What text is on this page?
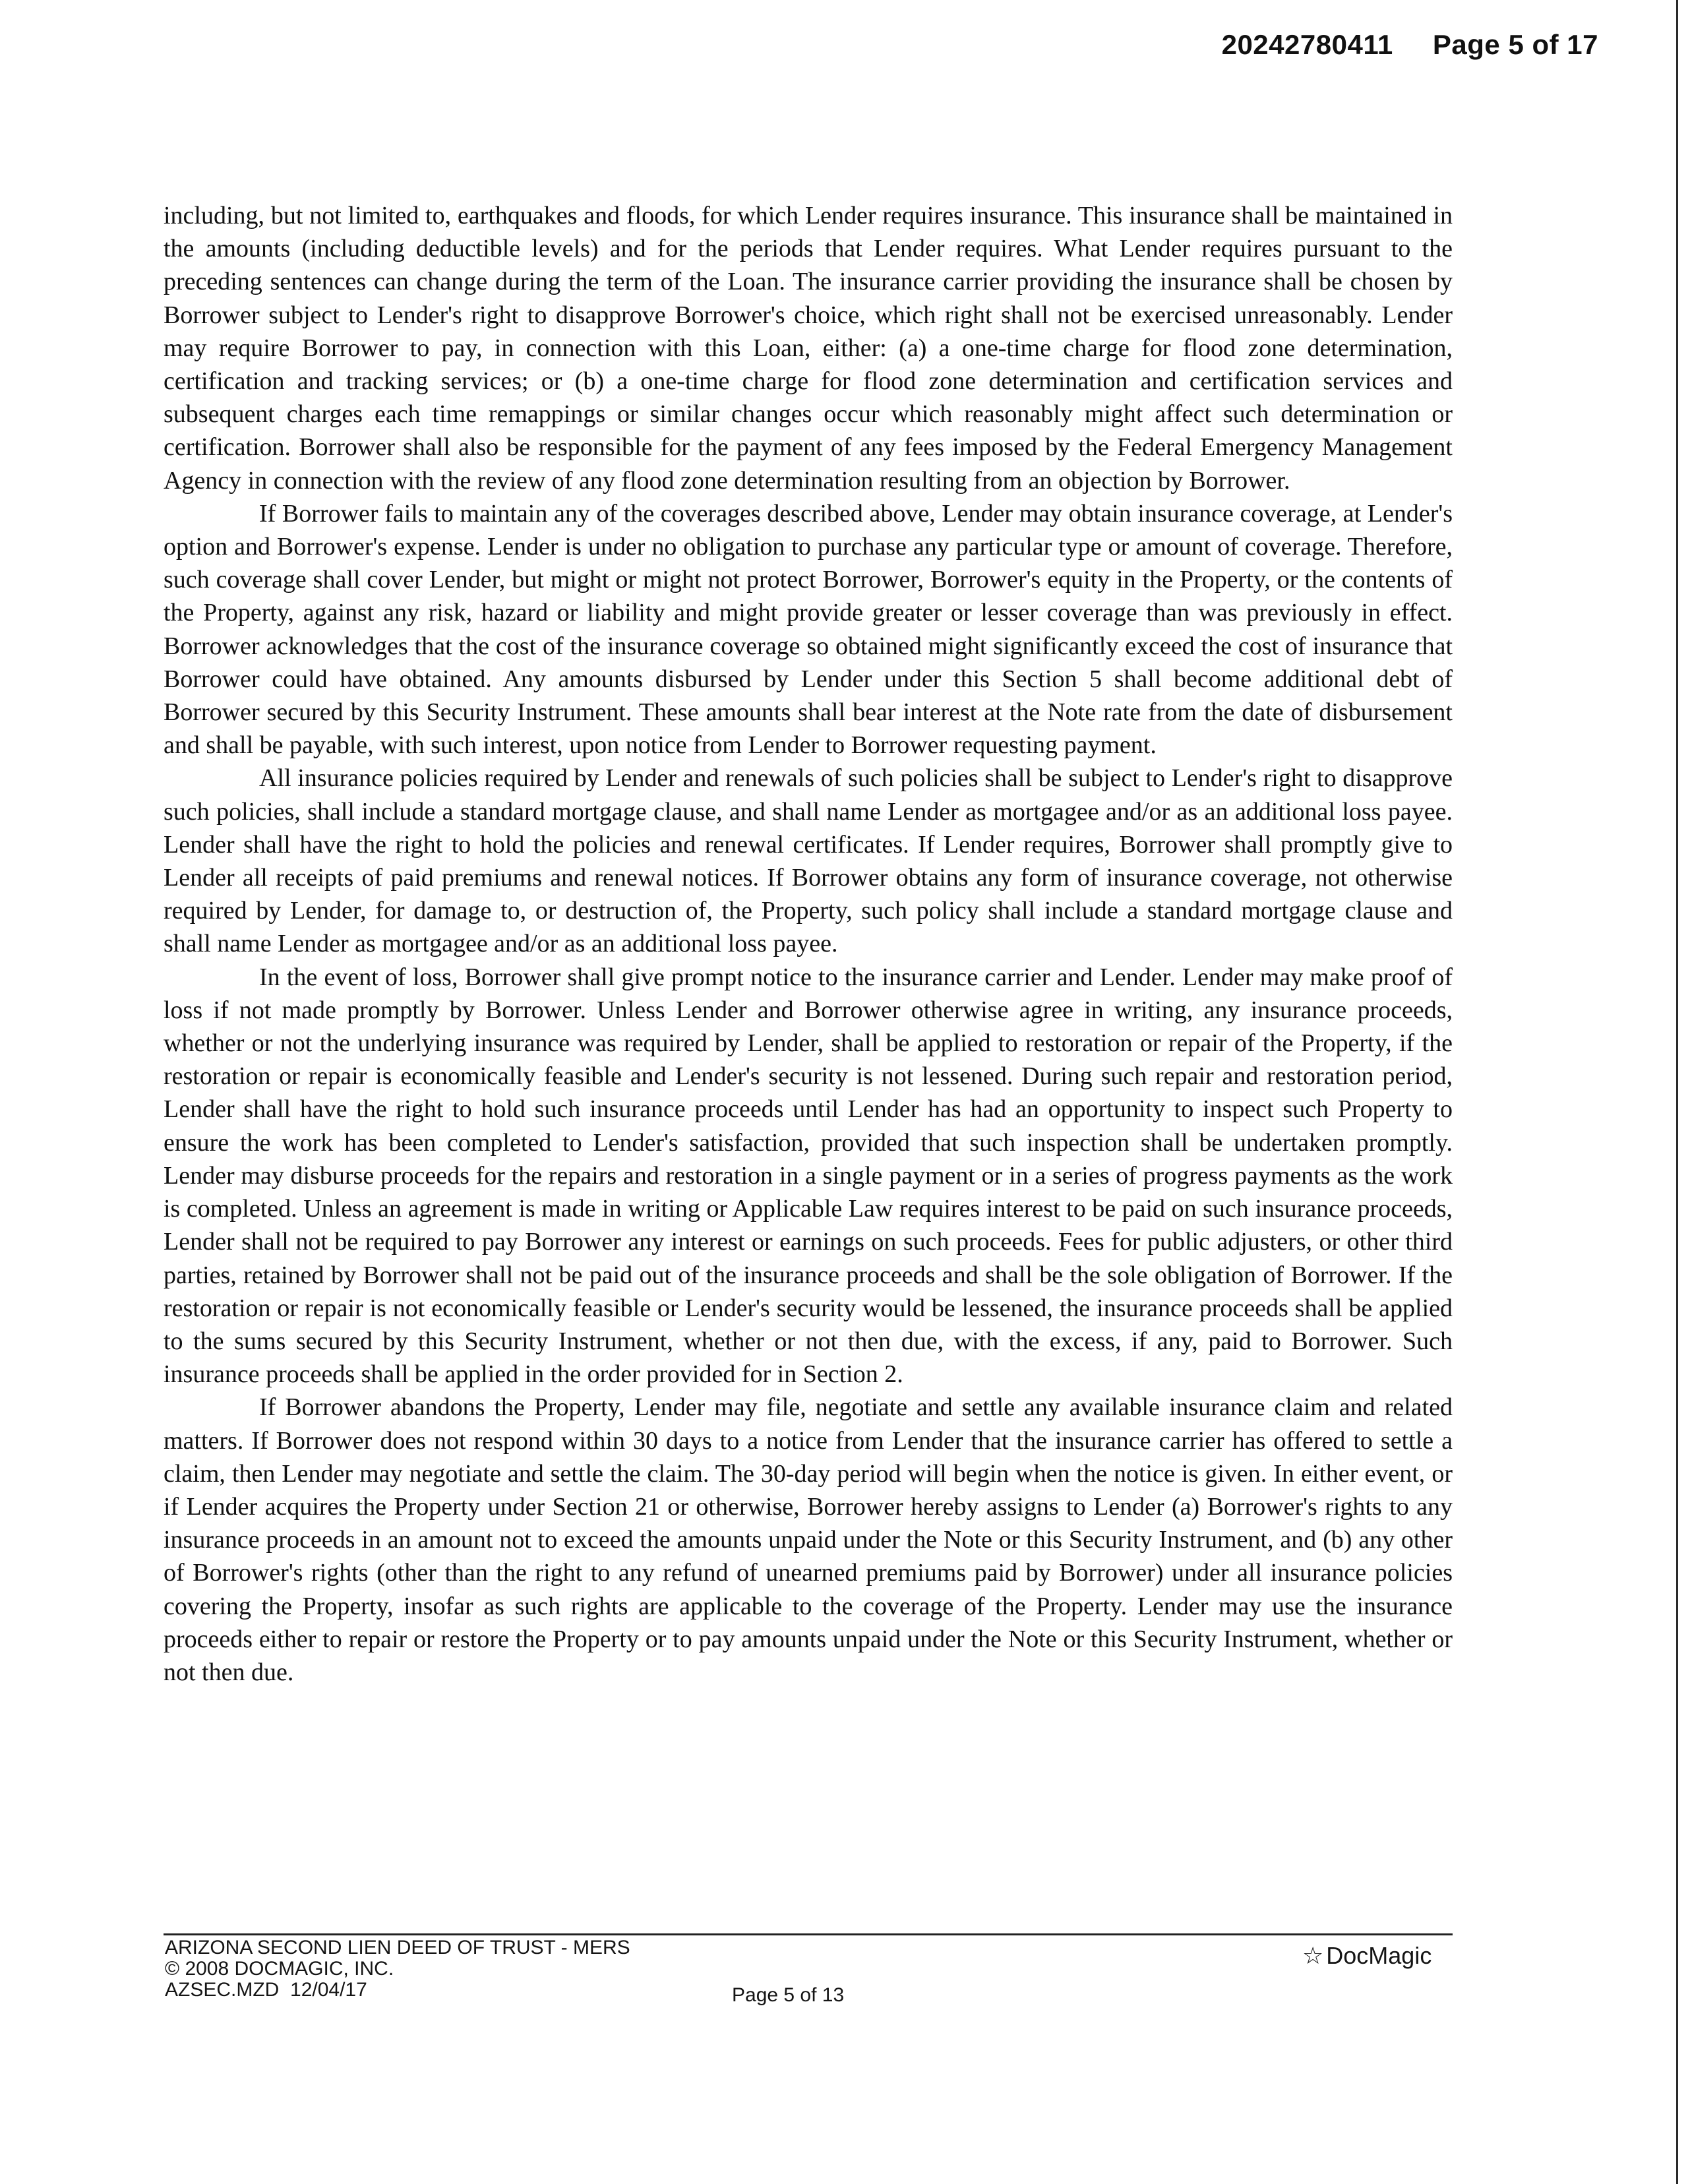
20242780411 Page 5 of 17

including, but not limited to, earthquakes and floods, for which Lender requires insurance. This insurance shall be maintained in the amounts (including deductible levels) and for the periods that Lender requires. What Lender requires pursuant to the preceding sentences can change during the term of the Loan. The insurance carrier providing the insurance shall be chosen by Borrower subject to Lender's right to disapprove Borrower's choice, which right shall not be exercised unreasonably. Lender may require Borrower to pay, in connection with this Loan, either: (a) a one-time charge for flood zone determination, certification and tracking services; or (b) a one-time charge for flood zone determination and certification services and subsequent charges each time remappings or similar changes occur which reasonably might affect such determination or certification. Borrower shall also be responsible for the payment of any fees imposed by the Federal Emergency Management Agency in connection with the review of any flood zone determination resulting from an objection by Borrower.

If Borrower fails to maintain any of the coverages described above, Lender may obtain insurance coverage, at Lender's option and Borrower's expense. Lender is under no obligation to purchase any particular type or amount of coverage. Therefore, such coverage shall cover Lender, but might or might not protect Borrower, Borrower's equity in the Property, or the contents of the Property, against any risk, hazard or liability and might provide greater or lesser coverage than was previously in effect. Borrower acknowledges that the cost of the insurance coverage so obtained might significantly exceed the cost of insurance that Borrower could have obtained. Any amounts disbursed by Lender under this Section 5 shall become additional debt of Borrower secured by this Security Instrument. These amounts shall bear interest at the Note rate from the date of disbursement and shall be payable, with such interest, upon notice from Lender to Borrower requesting payment.

All insurance policies required by Lender and renewals of such policies shall be subject to Lender's right to disapprove such policies, shall include a standard mortgage clause, and shall name Lender as mortgagee and/or as an additional loss payee. Lender shall have the right to hold the policies and renewal certificates. If Lender requires, Borrower shall promptly give to Lender all receipts of paid premiums and renewal notices. If Borrower obtains any form of insurance coverage, not otherwise required by Lender, for damage to, or destruction of, the Property, such policy shall include a standard mortgage clause and shall name Lender as mortgagee and/or as an additional loss payee.

In the event of loss, Borrower shall give prompt notice to the insurance carrier and Lender. Lender may make proof of loss if not made promptly by Borrower. Unless Lender and Borrower otherwise agree in writing, any insurance proceeds, whether or not the underlying insurance was required by Lender, shall be applied to restoration or repair of the Property, if the restoration or repair is economically feasible and Lender's security is not lessened. During such repair and restoration period, Lender shall have the right to hold such insurance proceeds until Lender has had an opportunity to inspect such Property to ensure the work has been completed to Lender's satisfaction, provided that such inspection shall be undertaken promptly. Lender may disburse proceeds for the repairs and restoration in a single payment or in a series of progress payments as the work is completed. Unless an agreement is made in writing or Applicable Law requires interest to be paid on such insurance proceeds, Lender shall not be required to pay Borrower any interest or earnings on such proceeds. Fees for public adjusters, or other third parties, retained by Borrower shall not be paid out of the insurance proceeds and shall be the sole obligation of Borrower. If the restoration or repair is not economically feasible or Lender's security would be lessened, the insurance proceeds shall be applied to the sums secured by this Security Instrument, whether or not then due, with the excess, if any, paid to Borrower. Such insurance proceeds shall be applied in the order provided for in Section 2.

If Borrower abandons the Property, Lender may file, negotiate and settle any available insurance claim and related matters. If Borrower does not respond within 30 days to a notice from Lender that the insurance carrier has offered to settle a claim, then Lender may negotiate and settle the claim. The 30-day period will begin when the notice is given. In either event, or if Lender acquires the Property under Section 21 or otherwise, Borrower hereby assigns to Lender (a) Borrower's rights to any insurance proceeds in an amount not to exceed the amounts unpaid under the Note or this Security Instrument, and (b) any other of Borrower's rights (other than the right to any refund of unearned premiums paid by Borrower) under all insurance policies covering the Property, insofar as such rights are applicable to the coverage of the Property. Lender may use the insurance proceeds either to repair or restore the Property or to pay amounts unpaid under the Note or this Security Instrument, whether or not then due.

ARIZONA SECOND LIEN DEED OF TRUST - MERS
© 2008 DOCMAGIC, INC.
AZSEC.MZD  12/04/17	Page 5 of 13
☆ DocMagic
